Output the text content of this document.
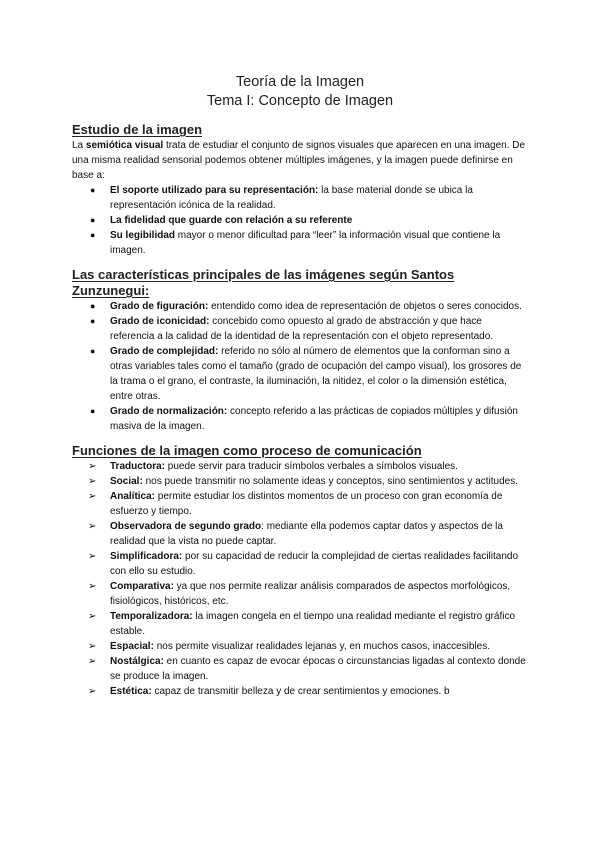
Teoría de la Imagen

Tema I: Concepto de Imagen

Estudio de la imagen

La semiótica visual trata de estudiar el conjunto de signos visuales que aparecen en una imagen. De una misma realidad sensorial podemos obtener múltiples imágenes, y la imagen puede definirse en base a:

● El soporte utilizado para su representación: la base material donde se ubica la representación icónica de la realidad.
● La fidelidad que guarde con relación a su referente
● Su legibilidad mayor o menor dificultad para “leer” la información visual que contiene la imagen.
Las características principales de las imágenes según Santos Zunzunegui:
● Grado de figuración: entendido como idea de representación de objetos o seres conocidos.
● Grado de iconicidad: concebido como opuesto al grado de abstracción y que hace referencia a la calidad de la identidad de la representación con el objeto representado.
● Grado de complejidad: referido no sólo al número de elementos que la conforman sino a otras variables tales como el tamaño (grado de ocupación del campo visual), los grosores de la trama o el grano, el contraste, la iluminación, la nitidez, el color o la dimensión estética, entre otras.
● Grado de normalización: concepto referido a las prácticas de copiados múltiples y difusión masiva de la imagen.
Funciones de la imagen como proceso de comunicación
➢ Traductora: puede servir para traducir símbolos verbales a símbolos visuales.
➢ Social: nos puede transmitir no solamente ideas y conceptos, sino sentimientos y actitudes.
➢ Analítica: permite estudiar los distintos momentos de un proceso con gran economía de esfuerzo y tiempo.
➢ Observadora de segundo grado: mediante ella podemos captar datos y aspectos de la realidad que la vista no puede captar.
➢ Simplificadora: por su capacidad de reducir la complejidad de ciertas realidades facilitando con ello su estudio.
➢ Comparativa: ya que nos permite realizar análisis comparados de aspectos morfológicos, fisiológicos, históricos, etc.
➢ Temporalizadora: la imagen congela en el tiempo una realidad mediante el registro gráfico estable.
➢ Espacial: nos permite visualizar realidades lejanas y, en muchos casos, inaccesibles.
➢ Nostálgica: en cuanto es capaz de evocar épocas o circunstancias ligadas al contexto donde se produce la imagen.
➢ Estética: capaz de transmitir belleza y de crear sentimientos y emociones. b
